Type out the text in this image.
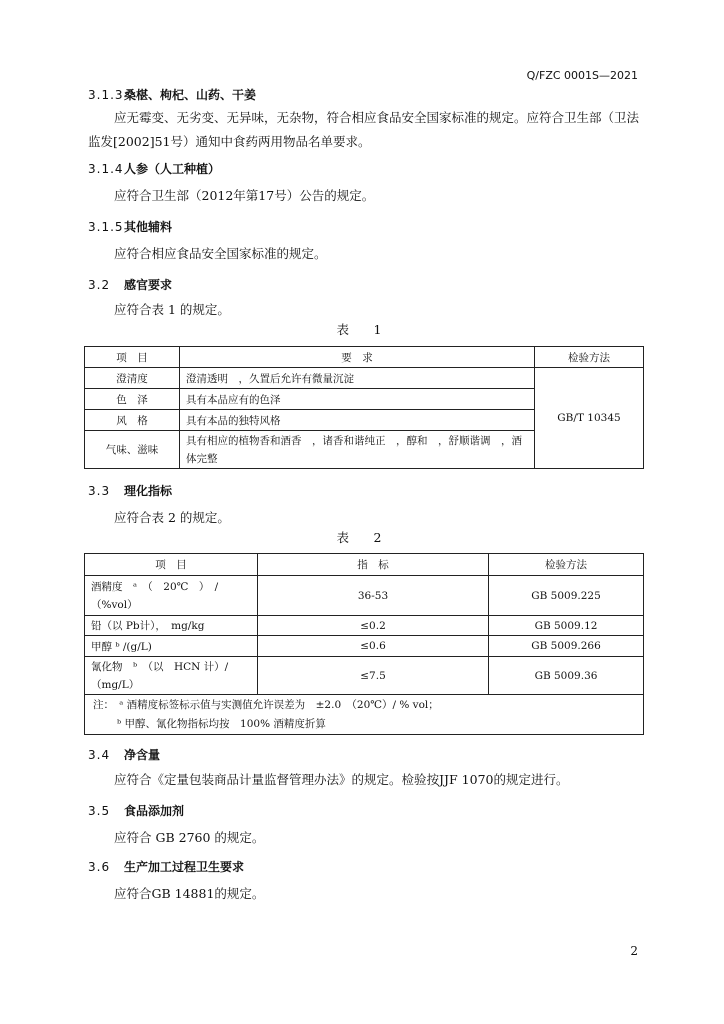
Q/FZC 0001S—2021
3.1.3桑椹、枸杞、山药、干姜
应无霉变、无劣变、无异味，无杂物，符合相应食品安全国家标准的规定。应符合卫生部（卫法监发[2002]51号）通知中食药两用物品名单要求。
3.1.4人参（人工种植）
应符合卫生部（2012年第17号）公告的规定。
3.1.5其他辅料
应符合相应食品安全国家标准的规定。
3.2 感官要求
应符合表 1 的规定。
表　1
项　目	要　求	检验方法
澄清度	澄清透明　，久置后允许有微量沉淀	GB/T 10345
色　泽	具有本品应有的色泽	
风　格	具有本品的独特风格	
气味、滋味	具有相应的植物香和酒香　，诸香和谐纯正　，醇和　，舒顺谐调　，酒体完整	
3.3 理化指标
应符合表 2 的规定。
表　2
项　目	指　标	检验方法
酒精度　ᵃ　（　20℃　）　/（%vol）	36-53	GB 5009.225
铅（以 Pb计），　mg/kg	≤0.2	GB 5009.12
甲醇 ᵇ /(g/L)	≤0.6	GB 5009.266
氰化物　ᵇ　（以　HCN 计）/（mg/L）	≤7.5	GB 5009.36

注：　ᵃ 酒精度标签标示值与实测值允许误差为　±2.0　（20℃）/ % vol；
ᵇ 甲醇、氰化物指标均按　100% 酒精度折算		
3.4 净含量
应符合《定量包装商品计量监督管理办法》的规定。检验按JJF 1070的规定进行。
3.5 食品添加剂
应符合 GB 2760 的规定。
3.6 生产加工过程卫生要求
应符合GB 14881的规定。
2
